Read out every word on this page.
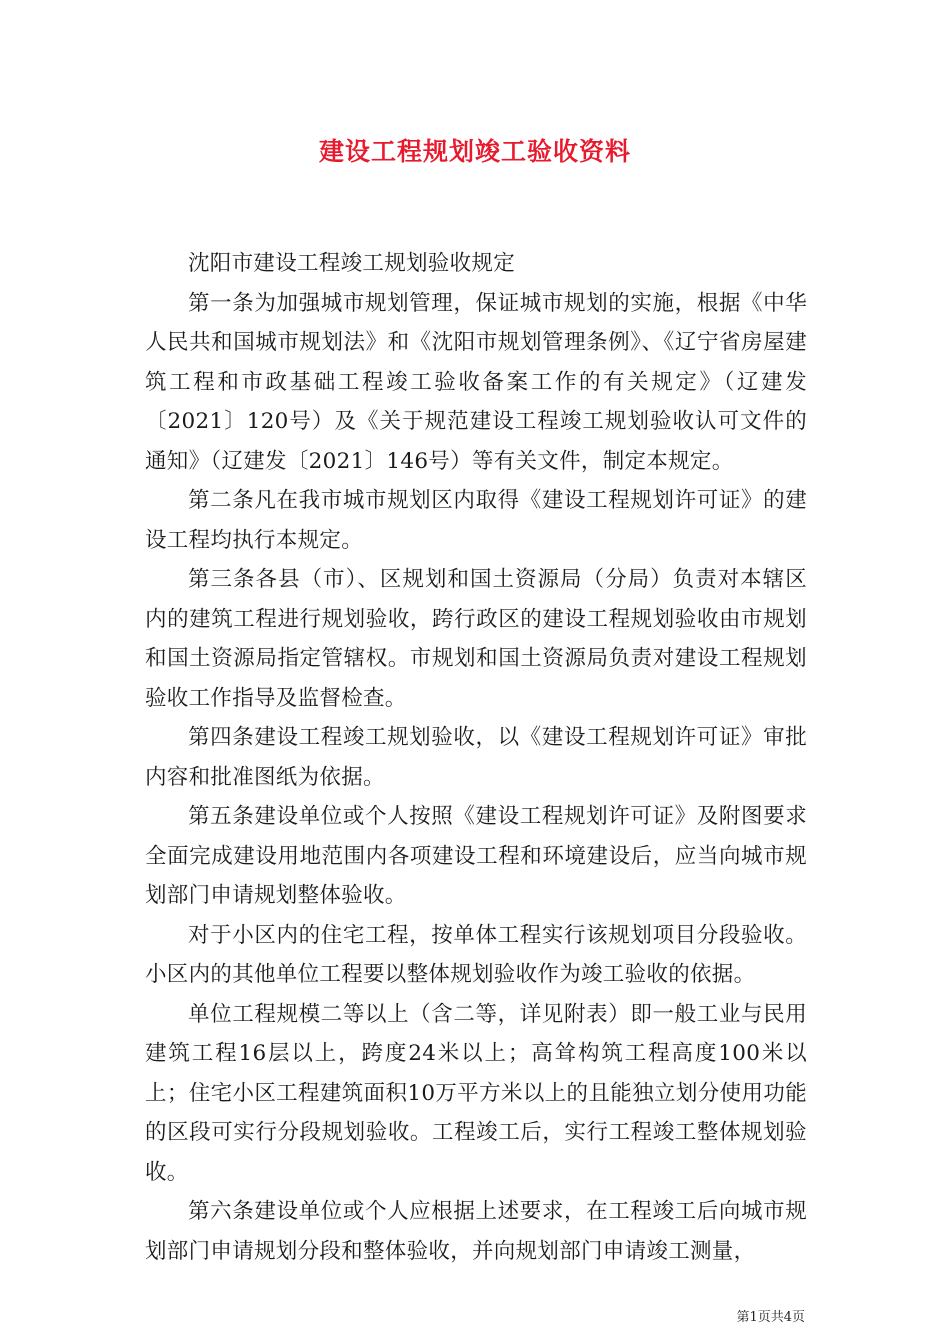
建设工程规划竣工验收资料

沈阳市建设工程竣工规划验收规定

第一条为加强城市规划管理，保证城市规划的实施，根据《中华人民共和国城市规划法》和《沈阳市规划管理条例》、《辽宁省房屋建筑工程和市政基础工程竣工验收备案工作的有关规定》（辽建发〔2021〕120号）及《关于规范建设工程竣工规划验收认可文件的通知》（辽建发〔2021〕146号）等有关文件，制定本规定。

第二条凡在我市城市规划区内取得《建设工程规划许可证》的建设工程均执行本规定。

第三条各县（市）、区规划和国土资源局（分局）负责对本辖区内的建筑工程进行规划验收，跨行政区的建设工程规划验收由市规划和国土资源局指定管辖权。市规划和国土资源局负责对建设工程规划验收工作指导及监督检查。

第四条建设工程竣工规划验收，以《建设工程规划许可证》审批内容和批准图纸为依据。

第五条建设单位或个人按照《建设工程规划许可证》及附图要求全面完成建设用地范围内各项建设工程和环境建设后，应当向城市规划部门申请规划整体验收。

对于小区内的住宅工程，按单体工程实行该规划项目分段验收。小区内的其他单位工程要以整体规划验收作为竣工验收的依据。

单位工程规模二等以上（含二等，详见附表）即一般工业与民用建筑工程16层以上，跨度24米以上；高耸构筑工程高度100米以上；住宅小区工程建筑面积10万平方米以上的且能独立划分使用功能的区段可实行分段规划验收。工程竣工后，实行工程竣工整体规划验收。

第六条建设单位或个人应根据上述要求，在工程竣工后向城市规划部门申请规划分段和整体验收，并向规划部门申请竣工测量，

第1页共4页
